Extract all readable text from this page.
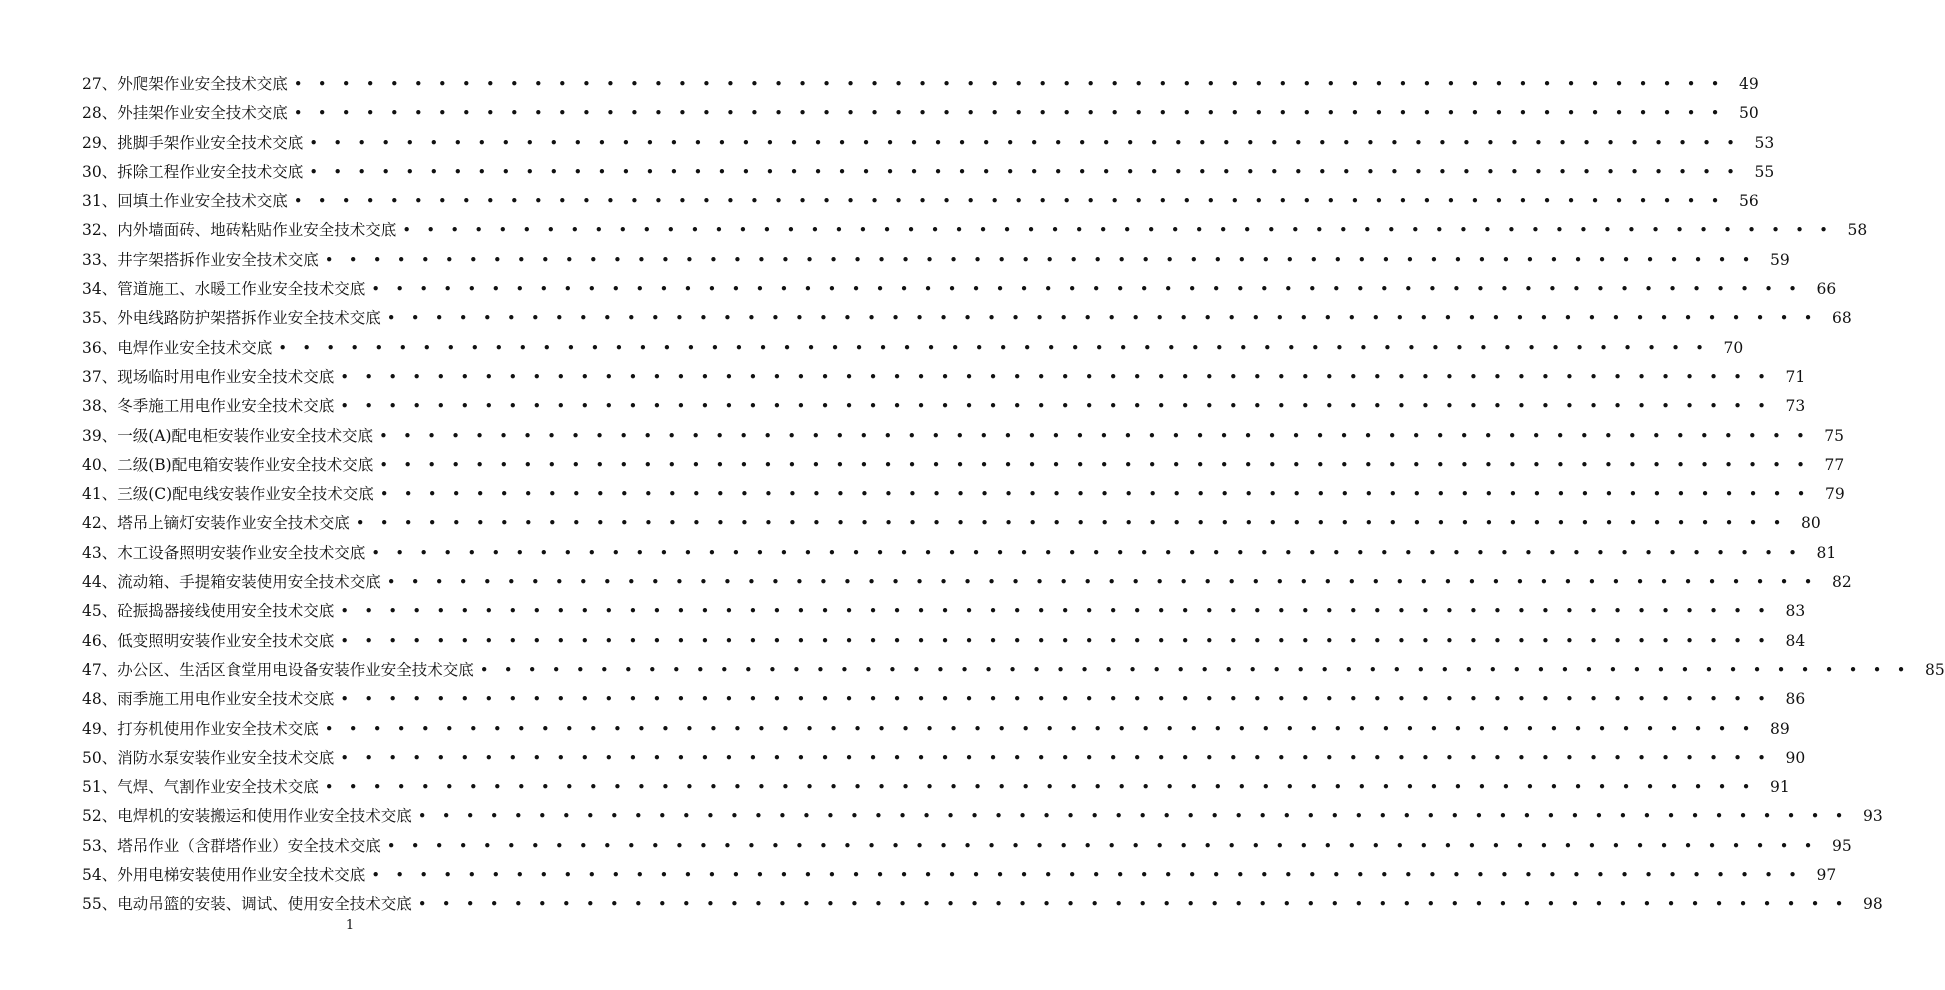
27、 外爬架作业安全技术交底 • • • • • • • • • • • • • • • • • • • • • • • • • • • • • • • • • • • • • • • • • • • • • • • • • • • • • • • • • • • • 49
28、 外挂架作业安全技术交底 • • • • • • • • • • • • • • • • • • • • • • • • • • • • • • • • • • • • • • • • • • • • • • • • • • • • • • • • • • • • 50
29、 挑脚手架作业安全技术交底 • • • • • • • • • • • • • • • • • • • • • • • • • • • • • • • • • • • • • • • • • • • • • • • • • • • • • • • • • • • • 53
30、 拆除工程作业安全技术交底 • • • • • • • • • • • • • • • • • • • • • • • • • • • • • • • • • • • • • • • • • • • • • • • • • • • • • • • • • • • • 55
31、 回填土作业安全技术交底 • • • • • • • • • • • • • • • • • • • • • • • • • • • • • • • • • • • • • • • • • • • • • • • • • • • • • • • • • • • • 56
32、 内外墙面砖、地砖粘贴作业安全技术交底 • • • • • • • • • • • • • • • • • • • • • • • • • • • • • • • • • • • • • • • • • • • • • • • • • • • • • • • • • • • • 58
33、 井字架搭拆作业安全技术交底 • • • • • • • • • • • • • • • • • • • • • • • • • • • • • • • • • • • • • • • • • • • • • • • • • • • • • • • • • • • • 59
34、 管道施工、水暖工作业安全技术交底 • • • • • • • • • • • • • • • • • • • • • • • • • • • • • • • • • • • • • • • • • • • • • • • • • • • • • • • • • • • • 66
35、 外电线路防护架搭拆作业安全技术交底 • • • • • • • • • • • • • • • • • • • • • • • • • • • • • • • • • • • • • • • • • • • • • • • • • • • • • • • • • • • • 68
36、 电焊作业安全技术交底 • • • • • • • • • • • • • • • • • • • • • • • • • • • • • • • • • • • • • • • • • • • • • • • • • • • • • • • • • • • • 70
37、 现场临时用电作业安全技术交底 • • • • • • • • • • • • • • • • • • • • • • • • • • • • • • • • • • • • • • • • • • • • • • • • • • • • • • • • • • • • 71
38、 冬季施工用电作业安全技术交底 • • • • • • • • • • • • • • • • • • • • • • • • • • • • • • • • • • • • • • • • • • • • • • • • • • • • • • • • • • • • 73
39、 一级(A)配电柜安装作业安全技术交底 • • • • • • • • • • • • • • • • • • • • • • • • • • • • • • • • • • • • • • • • • • • • • • • • • • • • • • • • • • • • 75
40、 二级(B)配电箱安装作业安全技术交底 • • • • • • • • • • • • • • • • • • • • • • • • • • • • • • • • • • • • • • • • • • • • • • • • • • • • • • • • • • • • 77
41、 三级(C)配电线安装作业安全技术交底 • • • • • • • • • • • • • • • • • • • • • • • • • • • • • • • • • • • • • • • • • • • • • • • • • • • • • • • • • • • • 79
42、 塔吊上镝灯安装作业安全技术交底 • • • • • • • • • • • • • • • • • • • • • • • • • • • • • • • • • • • • • • • • • • • • • • • • • • • • • • • • • • • • 80
43、 木工设备照明安装作业安全技术交底 • • • • • • • • • • • • • • • • • • • • • • • • • • • • • • • • • • • • • • • • • • • • • • • • • • • • • • • • • • • • 81
44、 流动箱、手提箱安装使用安全技术交底 • • • • • • • • • • • • • • • • • • • • • • • • • • • • • • • • • • • • • • • • • • • • • • • • • • • • • • • • • • • • 82
45、 砼振捣器接线使用安全技术交底 • • • • • • • • • • • • • • • • • • • • • • • • • • • • • • • • • • • • • • • • • • • • • • • • • • • • • • • • • • • • 83
46、 低变照明安装作业安全技术交底 • • • • • • • • • • • • • • • • • • • • • • • • • • • • • • • • • • • • • • • • • • • • • • • • • • • • • • • • • • • • 84
47、 办公区、生活区食堂用电设备安装作业安全技术交底 • • • • • • • • • • • • • • • • • • • • • • • • • • • • • • • • • • • • • • • • • • • • • • • • • • • • • • • • • • • • 85
48、 雨季施工用电作业安全技术交底 • • • • • • • • • • • • • • • • • • • • • • • • • • • • • • • • • • • • • • • • • • • • • • • • • • • • • • • • • • • • 86
49、 打夯机使用作业安全技术交底 • • • • • • • • • • • • • • • • • • • • • • • • • • • • • • • • • • • • • • • • • • • • • • • • • • • • • • • • • • • • 89
50、 消防水泵安装作业安全技术交底 • • • • • • • • • • • • • • • • • • • • • • • • • • • • • • • • • • • • • • • • • • • • • • • • • • • • • • • • • • • • 90
51、 气焊、气割作业安全技术交底 • • • • • • • • • • • • • • • • • • • • • • • • • • • • • • • • • • • • • • • • • • • • • • • • • • • • • • • • • • • • 91
52、 电焊机的安装搬运和使用作业安全技术交底 • • • • • • • • • • • • • • • • • • • • • • • • • • • • • • • • • • • • • • • • • • • • • • • • • • • • • • • • • • • • 93
53、 塔吊作业（含群塔作业）安全技术交底 • • • • • • • • • • • • • • • • • • • • • • • • • • • • • • • • • • • • • • • • • • • • • • • • • • • • • • • • • • • • 95
54、 外用电梯安装使用作业安全技术交底 • • • • • • • • • • • • • • • • • • • • • • • • • • • • • • • • • • • • • • • • • • • • • • • • • • • • • • • • • • • • 97
55、 电动吊篮的安装、调试、使用安全技术交底 • • • • • • • • • • • • • • • • • • • • • • • • • • • • • • • • • • • • • • • • • • • • • • • • • • • • • • • • • • • • 98
1
